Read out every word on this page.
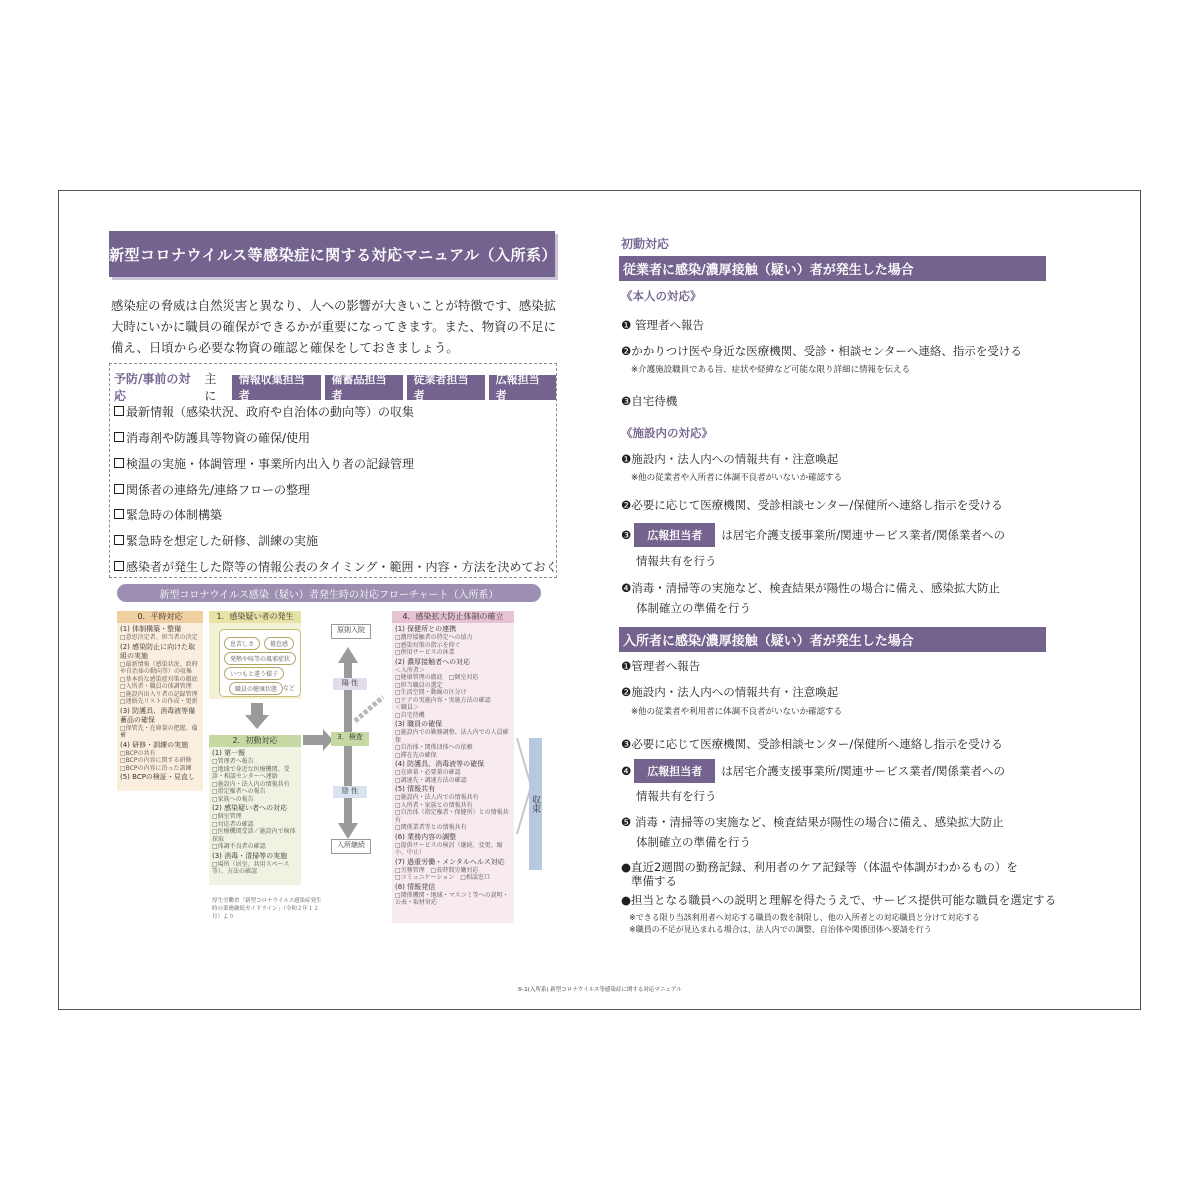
新型コロナウイルス等感染症に関する対応マニュアル（入所系）
感染症の脅威は自然災害と異なり、人への影響が大きいことが特徴です、感染拡大時にいかに職員の確保ができるかが重要になってきます。また、物資の不足に備え、日頃から必要な物資の確認と確保をしておきましょう。
予防/事前の対応
主に
情報収集担当者
備蓄品担当者
従業者担当者
広報担当者
最新情報（感染状況、政府や自治体の動向等）の収集
消毒剤や防護具等物資の確保/使用
検温の実施・体調管理・事業所内出入り者の記録管理
関係者の連絡先/連絡フローの整理
緊急時の体制構築
緊急時を想定した研修、訓練の実施
感染者が発生した際等の情報公表のタイミング・範囲・内容・方法を決めておく
新型コロナウイルス感染（疑い）者発生時の対応フローチャート（入所系）
0．平時対応
(1) 体制構築・整備
□意思決定者、担当者の決定
(2) 感染防止に向けた取組の実施
□最新情報（感染状況、政府や自治体の動向等）の収集
□基本的な感染症対策の徹底
□入所者・職員の体調管理
□施設内出入り者の記録管理
□連絡先リストの作成・更新
(3) 防護具、消毒液等備蓄品の確保
□保管先・在庫量の把握、備蓄
(4) 研修・訓練の実施
□BCPの共有
□BCPの内容に関する研修
□BCPの内容に沿った訓練
(5) BCPの検証・見直し
1．感染疑い者の発生
息苦しさ	倦怠感
発熱や咳等の風邪症状
いつもと違う様子
職員の健康状態 など
2．初動対応
(1) 第一報
□管理者へ報告
□地域で身近な医療機関、受診・相談センターへ連絡
□施設内・法人内の情報共有
□指定権者への報告
□家族への報告
(2) 感染疑い者への対応
□個室管理
□対応者の確認
□医療機関受診／施設内で検体採取
□体調不良者の確認
(3) 消毒・清掃等の実施
□場所（居室、共用スペース等）、方法の確認
原則入院
陽 性
3．検査
陰 性
入所継続
4．感染拡大防止体制の確立
(1) 保健所との連携
□濃厚接触者の特定への協力
□感染対策の指示を仰ぐ
□併用サービスの休業
(2) 濃厚接触者への対応
＜入所者＞
□健康管理の徹底　□個室対応
□担当職員の選定
□生活空間・動線の区分け
□ケアの実施内容・実施方法の確認
＜職員＞
□自宅待機
(3) 職員の確保
□施設内での勤務調整、法人内での人員確保
□自治体・関係団体への依頼
□滞在先の確保
(4) 防護具、消毒液等の確保
□在庫量・必要量の確認
□調達先・調達方法の確認
(5) 情報共有
□施設内・法人内での情報共有
□入所者・家族との情報共有
□自治体（指定権者・保健所）との情報共有
□関係業者等との情報共有
(6) 業務内容の調整
□提供サービスの検討（継続、変更、縮小、中止）
(7) 過重労働・メンタルヘルス対応
□労務管理　□長時間労働対応
□コミュニケーション　□相談窓口
(8) 情報発信
□関係機関・地域・マスコミ等への説明・公表・取材対応
収束
厚生労働省「新型コロナウイルス感染症発生時の業務継続ガイドライン」（令和２年１２月）より
初動対応
従業者に感染/濃厚接触（疑い）者が発生した場合
《本人の対応》
❶ 管理者へ報告
❷かかりつけ医や身近な医療機関、受診・相談センターへ連絡、指示を受ける
※介護施設職員である旨、症状や経緯など可能な限り詳細に情報を伝える
❸自宅待機
《施設内の対応》
❶施設内・法人内への情報共有・注意喚起
※他の従業者や入所者に体調不良者がいないか確認する
❷必要に応じて医療機関、受診相談センター/保健所へ連絡し指示を受ける
❸	広報担当者	は居宅介護支援事業所/関連サービス業者/関係業者への
情報共有を行う
❹消毒・清掃等の実施など、検査結果が陽性の場合に備え、感染拡大防止
体制確立の準備を行う
入所者に感染/濃厚接触（疑い）者が発生した場合
❶管理者へ報告
❷施設内・法人内への情報共有・注意喚起
※他の従業者や利用者に体調不良者がいないか確認する
❸必要に応じて医療機関、受診相談センター/保健所へ連絡し指示を受ける
❹	広報担当者	は居宅介護支援事業所/関連サービス業者/関係業者への
情報共有を行う
❺ 消毒・清掃等の実施など、検査結果が陽性の場合に備え、感染拡大防止
体制確立の準備を行う
●直近2週間の勤務記録、利用者のケア記録等（体温や体調がわかるもの）を
準備する
●担当となる職員への説明と理解を得たうえで、サービス提供可能な職員を選定する
※できる限り当該利用者へ対応する職員の数を制限し、他の入所者との対応職員と分けて対応する
※職員の不足が見込まれる場合は、法人内での調整、自治体や関係団体へ要請を行う
⑤-1(入所系) 新型コロナウイルス等感染症に関する対応マニュアル
